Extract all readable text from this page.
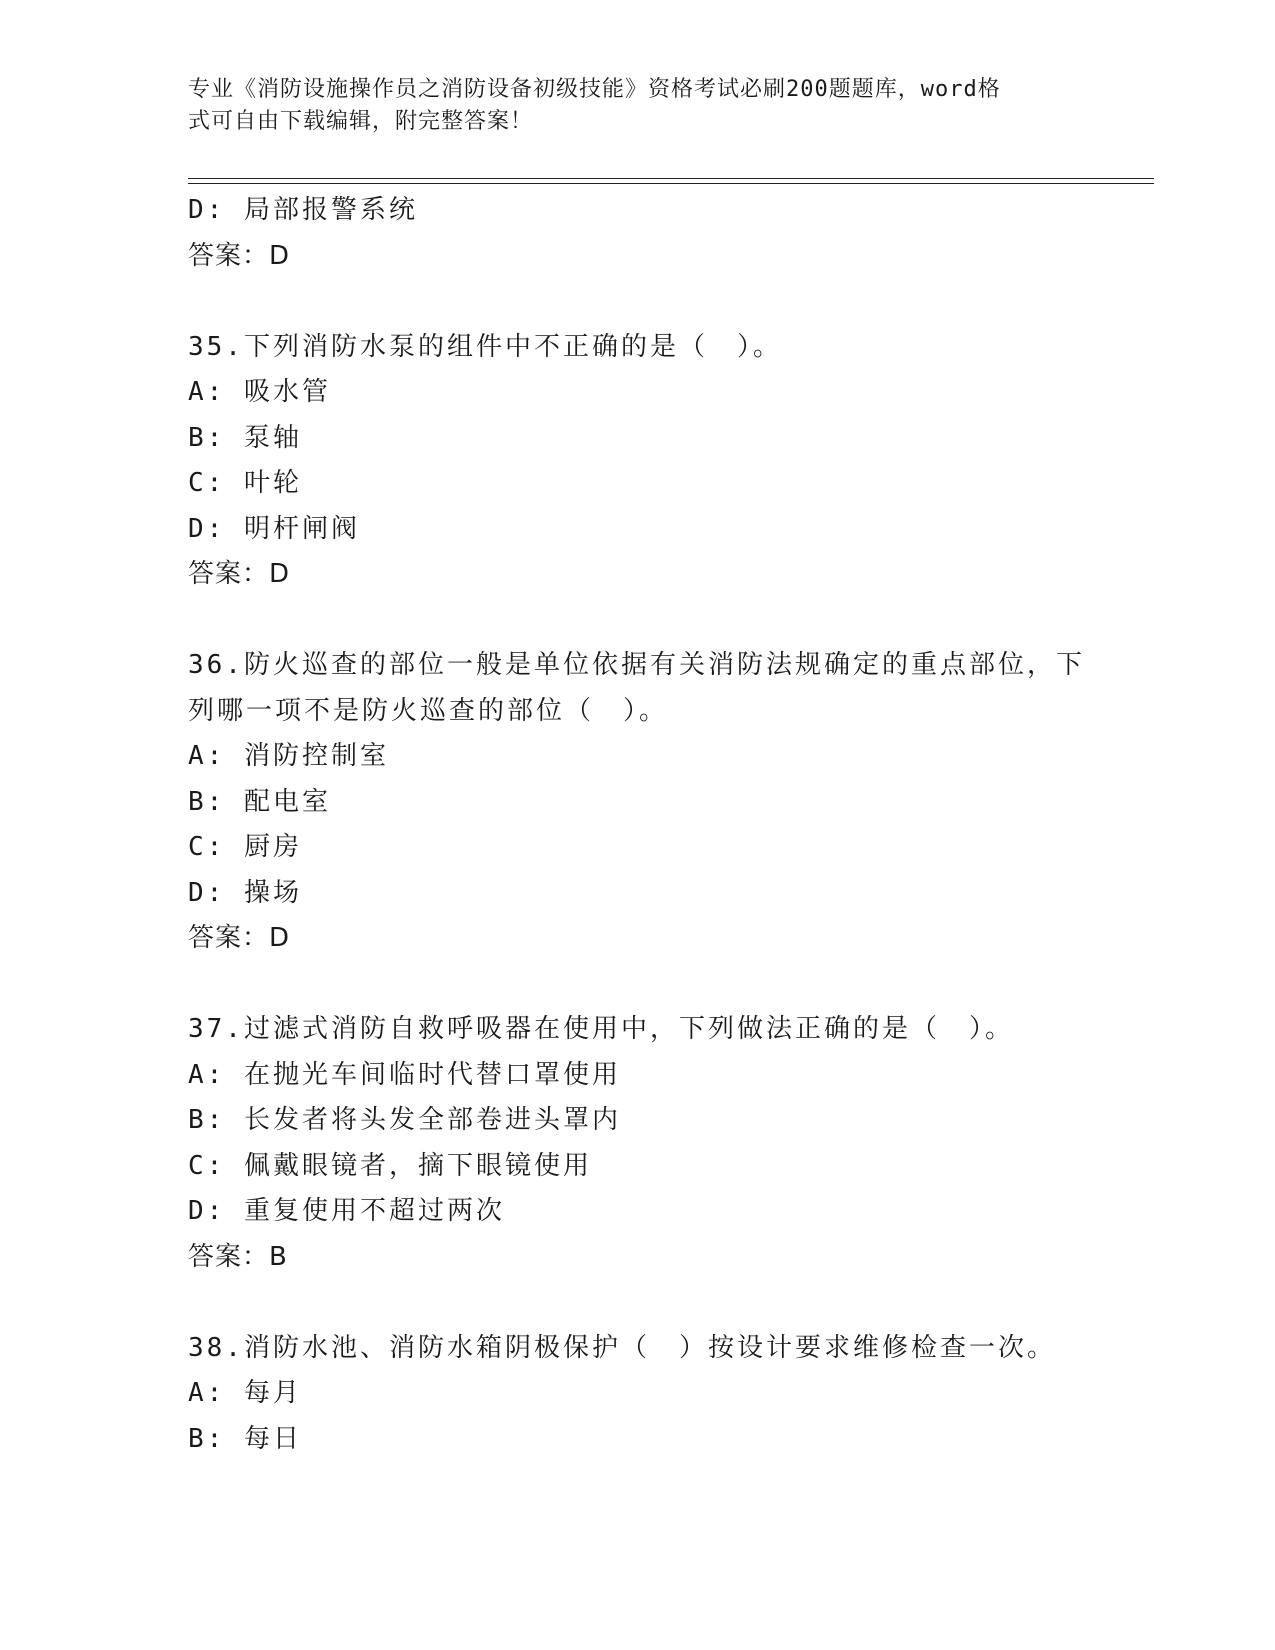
专业《消防设施操作员之消防设备初级技能》资格考试必刷200题题库，word格
式可自由下载编辑，附完整答案！
D: 局部报警系统
答案：D
35.下列消防水泵的组件中不正确的是（　）。
A: 吸水管
B: 泵轴
C: 叶轮
D: 明杆闸阀
答案：D
36.防火巡查的部位一般是单位依据有关消防法规确定的重点部位，下
列哪一项不是防火巡查的部位（　）。
A: 消防控制室
B: 配电室
C: 厨房
D: 操场
答案：D
37.过滤式消防自救呼吸器在使用中，下列做法正确的是（　）。
A: 在抛光车间临时代替口罩使用
B: 长发者将头发全部卷进头罩内
C: 佩戴眼镜者，摘下眼镜使用
D: 重复使用不超过两次
答案：B
38.消防水池、消防水箱阴极保护（　）按设计要求维修检查一次。
A: 每月
B: 每日
